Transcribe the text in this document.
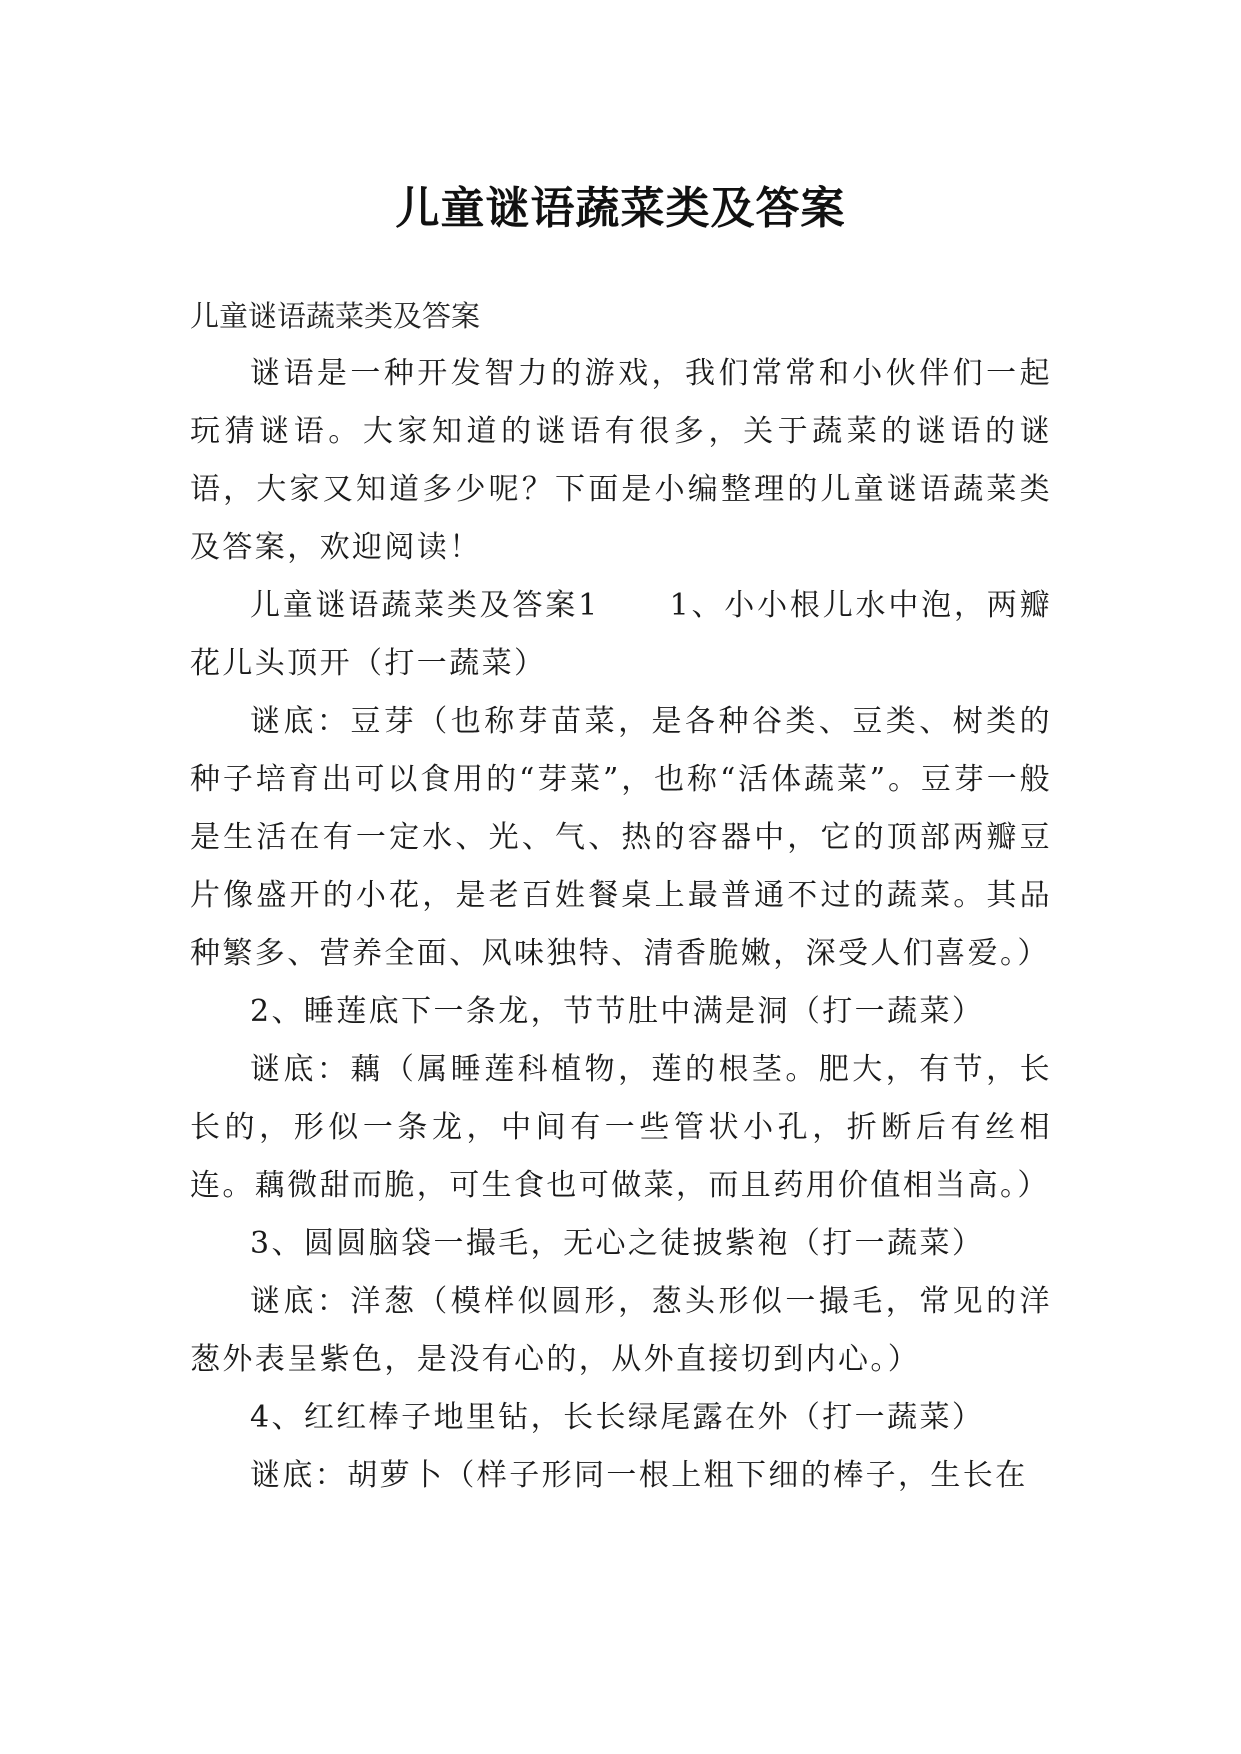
儿童谜语蔬菜类及答案

儿童谜语蔬菜类及答案

谜语是一种开发智力的游戏，我们常常和小伙伴们一起玩猜谜语。大家知道的谜语有很多，关于蔬菜的谜语的谜语，大家又知道多少呢？下面是小编整理的儿童谜语蔬菜类及答案，欢迎阅读！

儿童谜语蔬菜类及答案1 1、小小根儿水中泡，两瓣花儿头顶开（打一蔬菜）

谜底：豆芽（也称芽苗菜，是各种谷类、豆类、树类的种子培育出可以食用的“芽菜”，也称“活体蔬菜”。豆芽一般是生活在有一定水、光、气、热的容器中，它的顶部两瓣豆片像盛开的小花，是老百姓餐桌上最普通不过的蔬菜。其品种繁多、营养全面、风味独特、清香脆嫩，深受人们喜爱。）

2、睡莲底下一条龙，节节肚中满是洞（打一蔬菜）

谜底：藕（属睡莲科植物，莲的根茎。肥大，有节，长长的，形似一条龙，中间有一些管状小孔，折断后有丝相连。藕微甜而脆，可生食也可做菜，而且药用价值相当高。）

3、圆圆脑袋一撮毛，无心之徒披紫袍（打一蔬菜）

谜底：洋葱（模样似圆形，葱头形似一撮毛，常见的洋葱外表呈紫色，是没有心的，从外直接切到内心。）

4、红红棒子地里钻，长长绿尾露在外（打一蔬菜）

谜底：胡萝卜（样子形同一根上粗下细的棒子，生长在
